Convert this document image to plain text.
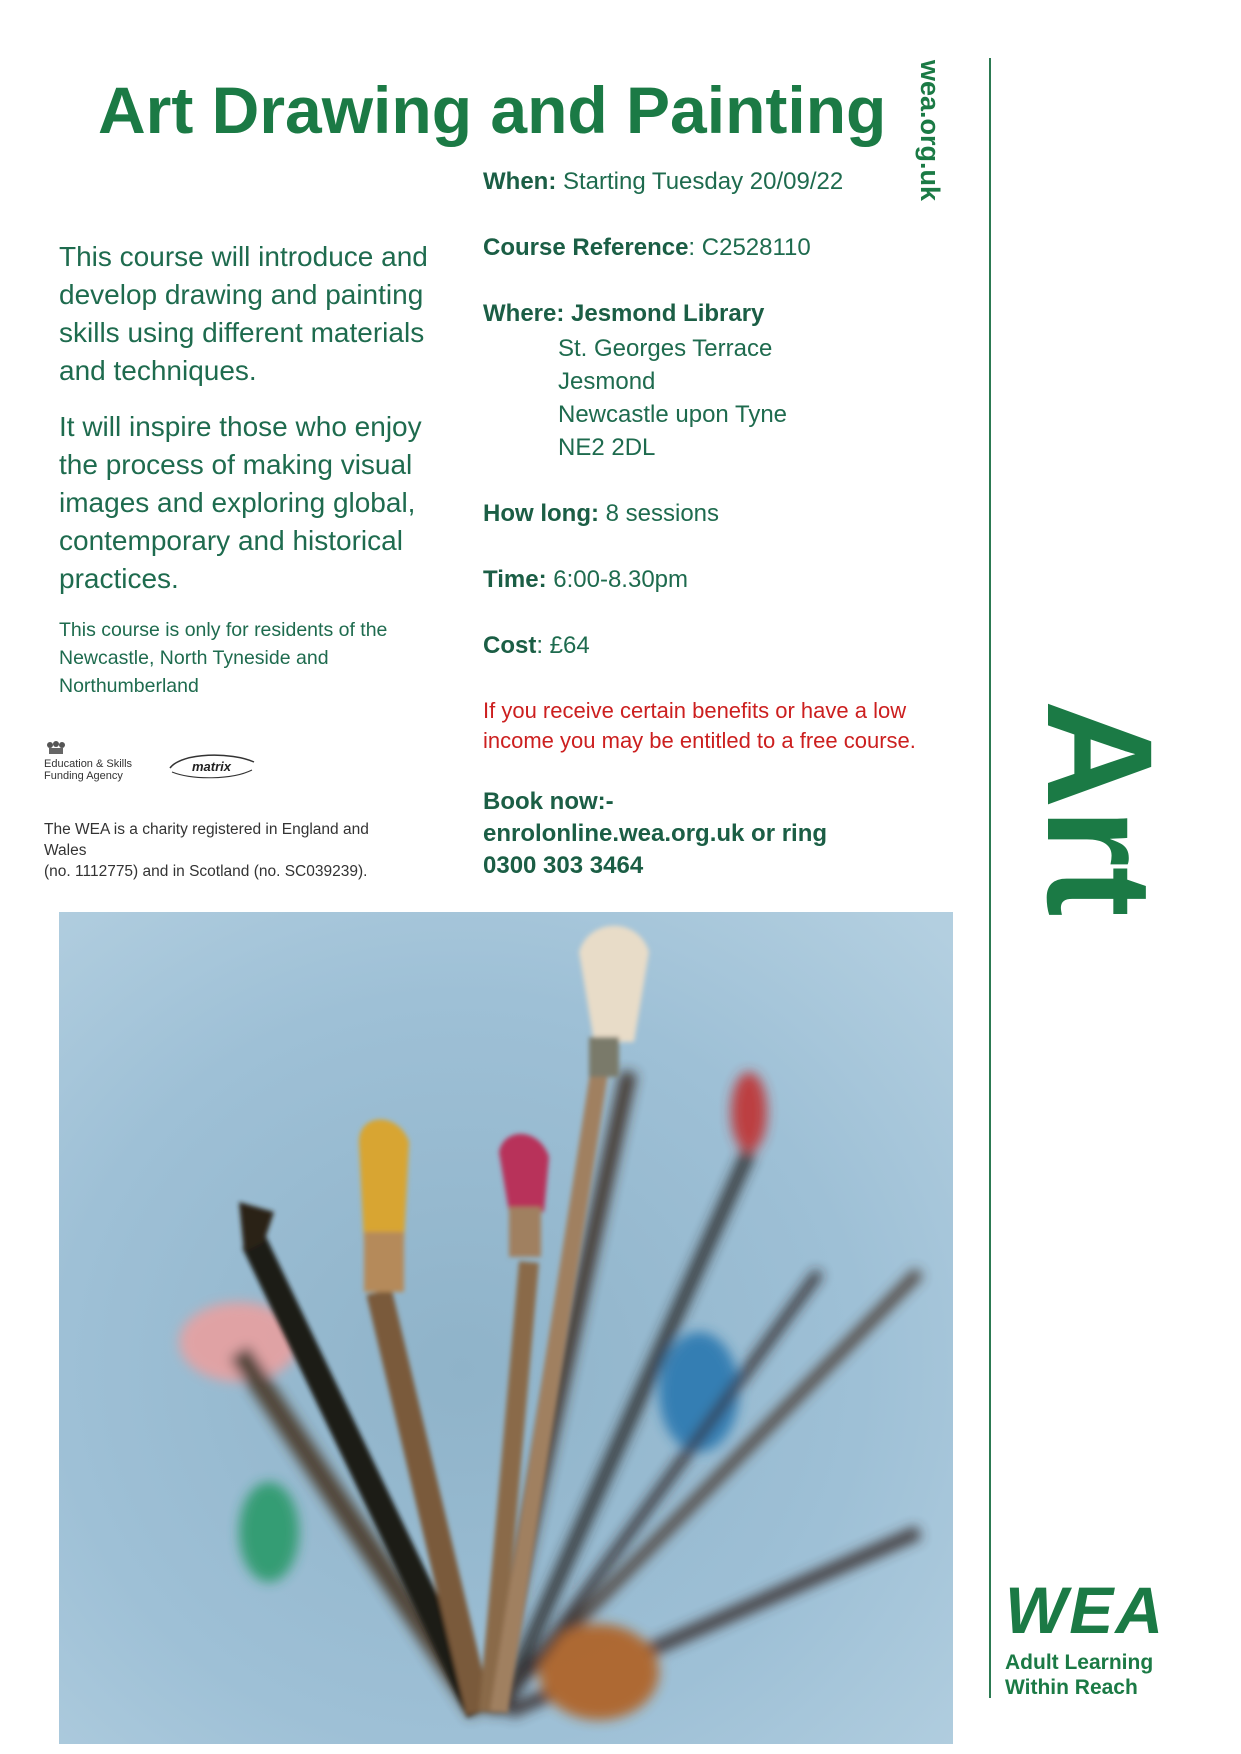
Art Drawing and Painting	wea.org.uk
Art

This course will introduce and develop drawing and painting skills using different materials and techniques.

It will inspire those who enjoy the process of making visual images and exploring global, contemporary and historical practices.

This course is only for residents of the Newcastle, North Tyneside and Northumberland
Education & Skills Funding Agency
matrix
The WEA is a charity registered in England and Wales
(no. 1112775) and in Scotland (no. SC039239).
When: Starting Tuesday 20/09/22
Course Reference: C2528110
Where: Jesmond Library
St. Georges Terrace
Jesmond
Newcastle upon Tyne
NE2 2DL
How long: 8 sessions
Time: 6:00-8.30pm
Cost: £64
If you receive certain benefits or have a low income you may be entitled to a free course.
Book now:-
enrolonline.wea.org.uk or ring
0300 303 3464
WEA
Adult Learning
Within Reach
